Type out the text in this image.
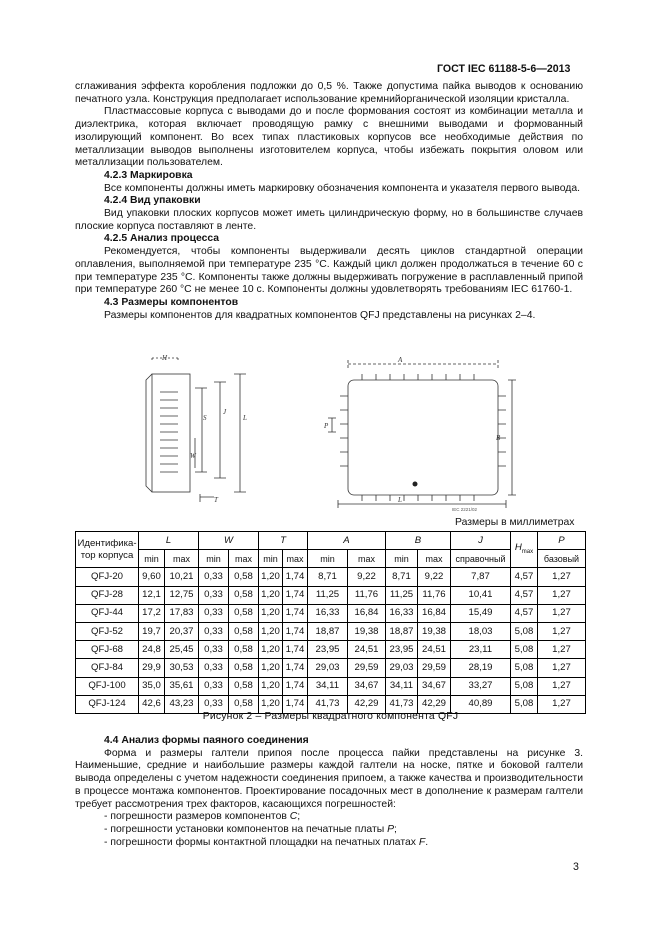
ГОСТ IEC 61188-5-6—2013

сглаживания эффекта коробления подложки до 0,5 %. Также допустима пайка выводов к основанию печатного узла. Конструкция предполагает использование кремнийорганической изоляции кристалла.

Пластмассовые корпуса с выводами до и после формования состоят из комбинации металла и диэлектрика, которая включает проводящую рамку с внешними выводами и формованный изолирующий компонент. Во всех типах пластиковых корпусов все необходимые действия по металлизации выводов выполнены изготовителем корпуса, чтобы избежать покрытия оловом или металлизации пользователем.

4.2.3 Маркировка

Все компоненты должны иметь маркировку обозначения компонента и указателя первого вывода.

4.2.4 Вид упаковки

Вид упаковки плоских корпусов может иметь цилиндрическую форму, но в большинстве случаев плоские корпуса поставляют в ленте.

4.2.5 Анализ процесса

Рекомендуется, чтобы компоненты выдерживали десять циклов стандартной операции оплавления, выполняемой при температуре 235 °С. Каждый цикл должен продолжаться в течение 60 с при температуре 235 °С. Компоненты также должны выдерживать погружение в расплавленный припой при температуре 260 °С не менее 10 с. Компоненты должны удовлетворять требованиям IEC 61760-1.

4.3 Размеры компонентов

Размеры компонентов для квадратных компонентов QFJ представлены на рисунках 2–4.

H
S
J
L
W
T
A
B
P
L
IEC 2221/02
Размеры в миллиметрах
Идентифика-тор корпуса	L		W		T		A		B		J	$H_{max}$	P
	min	max	min	max	min	max	min	max	min	max	справочный		базовый
QFJ-20	9,60	10,21	0,33	0,58	1,20	1,74	8,71	9,22	8,71	9,22	7,87	4,57	1,27
QFJ-28	12,1	12,75	0,33	0,58	1,20	1,74	11,25	11,76	11,25	11,76	10,41	4,57	1,27
QFJ-44	17,2	17,83	0,33	0,58	1,20	1,74	16,33	16,84	16,33	16,84	15,49	4,57	1,27
QFJ-52	19,7	20,37	0,33	0,58	1,20	1,74	18,87	19,38	18,87	19,38	18,03	5,08	1,27
QFJ-68	24,8	25,45	0,33	0,58	1,20	1,74	23,95	24,51	23,95	24,51	23,11	5,08	1,27
QFJ-84	29,9	30,53	0,33	0,58	1,20	1,74	29,03	29,59	29,03	29,59	28,19	5,08	1,27
QFJ-100	35,0	35,61	0,33	0,58	1,20	1,74	34,11	34,67	34,11	34,67	33,27	5,08	1,27
QFJ-124	42,6	43,23	0,33	0,58	1,20	1,74	41,73	42,29	41,73	42,29	40,89	5,08	1,27
Рисунок 2 – Размеры квадратного компонента QFJ

4.4 Анализ формы паяного соединения

Форма и размеры галтели припоя после процесса пайки представлены на рисунке 3. Наименьшие, средние и наибольшие размеры каждой галтели на носке, пятке и боковой галтели вывода определены с учетом надежности соединения припоем, а также качества и производительности в процессе монтажа компонентов. Проектирование посадочных мест в дополнение к размерам галтели требует рассмотрения трех факторов, касающихся погрешностей:

- погрешности размеров компонентов C;

- погрешности установки компонентов на печатные платы P;

- погрешности формы контактной площадки на печатных платах F.

3
